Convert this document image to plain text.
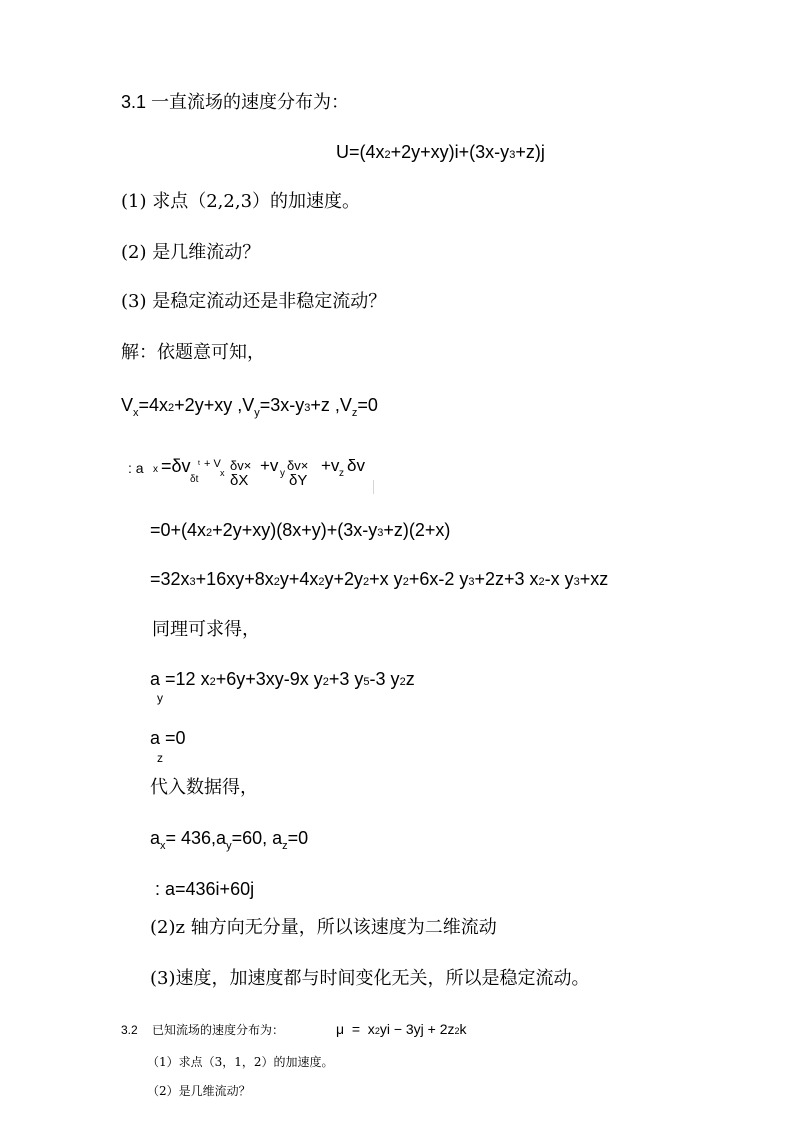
3.1 一直流场的速度分布为：
U=(4x2+2y+xy)i+(3x-y3+z)j
(1) 求点（2,2,3）的加速度。
(2) 是几维流动？
(3) 是稳定流动还是非稳定流动？
解：依题意可知，
$V_x=4x2+2y+xy$ $,V_y=3x-y3+z$ $,V_z=0$
: a x =δv
δt
t + V
x δv×
δX
+v y
δv×
δY
+v z δv
=0+(4x2+2y+xy)(8x+y)+(3x-y3+z)(2+x)
=32x3+16xy+8x2y+4x2y+2y2+x y2+6x-2 y3+2z+3 x2-x y3+xz
同理可求得，
a =12 x2+6y+3xy-9x y2+3 y5-3 y2z
y
a =0
z
代入数据得，
$a_x= 436,a_y=60$, $a_z=0$
: a=436i+60j
(2)z 轴方向无分量，所以该速度为二维流动
(3)速度，加速度都与时间变化无关，所以是稳定流动。
3.2 已知流场的速度分布为：	μ  =  x2yi − 3yj + 2z2k
（1）求点（3，1，2）的加速度。
（2）是几维流动？
